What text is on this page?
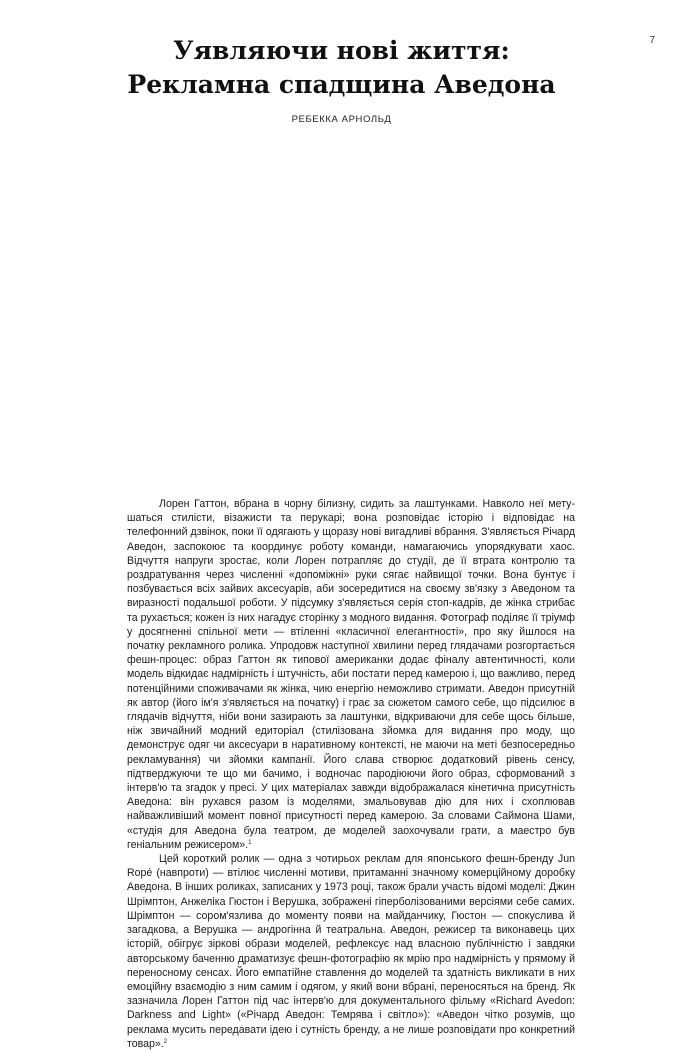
7
Уявляючи нові життя:
Рекламна спадщина Аведона
РЕБЕККА АРНОЛЬД

Лорен Гаттон, вбрана в чорну білизну, сидить за лаштунками. Навколо неї метушаться стилісти, візажисти та перукарі; вона розповідає історію і відповідає на телефонний дзвінок, поки її одягають у щоразу нові вигадливі вбрання. З'являється Річард Аведон, заспокоює та координує роботу команди, намагаючись упорядкувати хаос. Відчуття напруги зростає, коли Лорен потрапляє до студії, де її втрата контролю та роздратування через численні «допоміжні» руки сягає найвищої точки. Вона бунтує і позбувається всіх зайвих аксесуарів, аби зосередитися на своєму зв'язку з Аведоном та виразності подальшої роботи. У підсумку з'являється серія стоп-кадрів, де жінка стрибає та рухається; кожен із них нагадує сторінку з модного видання. Фотограф поділяє її тріумф у досягненні спільної мети — втіленні «класичної елегантності», про яку йшлося на початку рекламного ролика. Упродовж наступної хвилини перед глядачами розгортається фешн-процес: образ Гаттон як типової американки додає фіналу автентичності, коли модель відкидає надмірність і штучність, аби постати перед камерою і, що важливо, перед потенційними споживачами як жінка, чию енергію неможливо стримати. Аведон присутній як автор (його ім'я з'являється на початку) і грає за сюжетом самого себе, що підсилює в глядачів відчуття, ніби вони зазирають за лаштунки, відкриваючи для себе щось більше, ніж звичайний модний едиторіал (стилізована зйомка для видання про моду, що демонструє одяг чи аксесуари в наративному контексті, не маючи на меті безпосередньо рекламування) чи зйомки кампанії. Його слава створює додатковий рівень сенсу, підтверджуючи те що ми бачимо, і водночас пародіюючи його образ, сформований з інтерв'ю та згадок у пресі. У цих матеріалах завжди відображалася кінетична присутність Аведона: він рухався разом із моделями, змальовував дію для них і схоплював найважливіший момент повної присутності перед камерою. За словами Саймона Шами, «студія для Аведона була театром, де моделей заохочували грати, а маестро був геніальним режисером».$^1$

Цей короткий ролик — одна з чотирьох реклам для японського фешн-бренду Jun Ropé (навпроти) — втілює численні мотиви, притаманні значному комерційному доробку Аведона. В інших роликах, записаних у 1973 році, також брали участь відомі моделі: Джин Шрімптон, Анжеліка Гюстон і Верушка, зображені гіперболізованими версіями себе самих. Шрімптон — сором'язлива до моменту появи на майданчику, Гюстон — спокуслива й загадкова, а Верушка — андрогінна й театральна. Аведон, режисер та виконавець цих історій, обігрує зіркові образи моделей, рефлексує над власною публічністю і завдяки авторському баченню драматизує фешн-фотографію як мрію про надмірність у прямому й переносному сенсах. Його емпатійне ставлення до моделей та здатність викликати в них емоційну взаємодію з ним самим і одягом, у який вони вбрані, переносяться на бренд. Як зазначила Лорен Гаттон під час інтерв'ю для документального фільму «Richard Avedon: Darkness and Light» («Річард Аведон: Темрява і світло»): «Аведон чітко розумів, що реклама мусить передавати ідею і сутність бренду, а не лише розповідати про конкретний товар».$^2$
